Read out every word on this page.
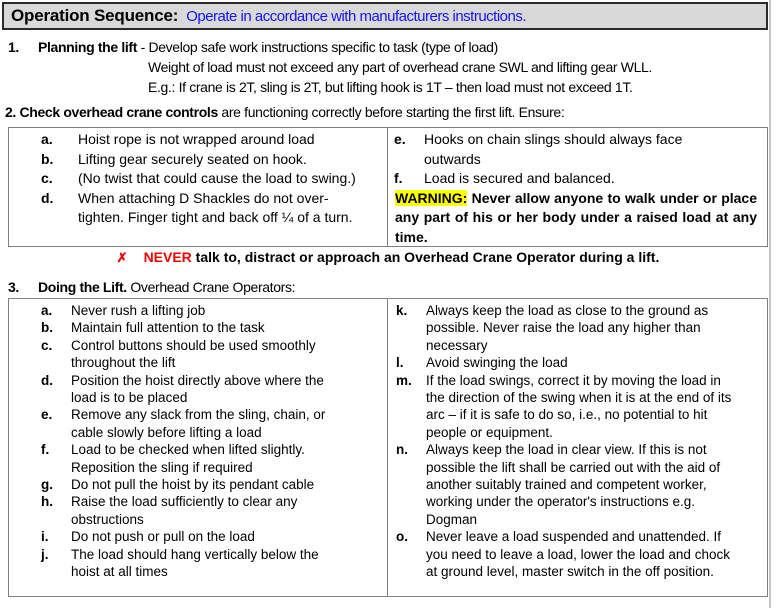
Operation Sequence: Operate in accordance with manufacturers instructions.
1.	Planning the lift - Develop safe work instructions specific to task (type of load)
Weight of load must not exceed any part of overhead crane SWL and lifting gear WLL.
E.g.: If crane is 2T, sling is 2T, but lifting hook is 1T – then load must not exceed 1T.
2. Check overhead crane controls are functioning correctly before starting the first lift. Ensure:
a.	Hoist rope is not wrapped around load
b.	Lifting gear securely seated on hook.
c.	(No twist that could cause the load to swing.)
d.	When attaching D Shackles do not over-tighten. Finger tight and back off ¼ of a turn.
e.	Hooks on chain slings should always face outwards
f.	Load is secured and balanced.
WARNING: Never allow anyone to walk under or place any part of his or her body under a raised load at any time.
✗ NEVER talk to, distract or approach an Overhead Crane Operator during a lift.
3.	Doing the Lift. Overhead Crane Operators:
a.	Never rush a lifting job
b.	Maintain full attention to the task
c.	Control buttons should be used smoothly throughout the lift
d.	Position the hoist directly above where the load is to be placed
e.	Remove any slack from the sling, chain, or cable slowly before lifting a load
f.	Load to be checked when lifted slightly. Reposition the sling if required
g.	Do not pull the hoist by its pendant cable
h.	Raise the load sufficiently to clear any obstructions
i.	Do not push or pull on the load
j.	The load should hang vertically below the hoist at all times
k.	Always keep the load as close to the ground as possible. Never raise the load any higher than necessary
l.	Avoid swinging the load
m.	If the load swings, correct it by moving the load in the direction of the swing when it is at the end of its arc – if it is safe to do so, i.e., no potential to hit people or equipment.
n.	Always keep the load in clear view. If this is not possible the lift shall be carried out with the aid of another suitably trained and competent worker, working under the operator's instructions e.g. Dogman
o.	Never leave a load suspended and unattended. If you need to leave a load, lower the load and chock at ground level, master switch in the off position.
